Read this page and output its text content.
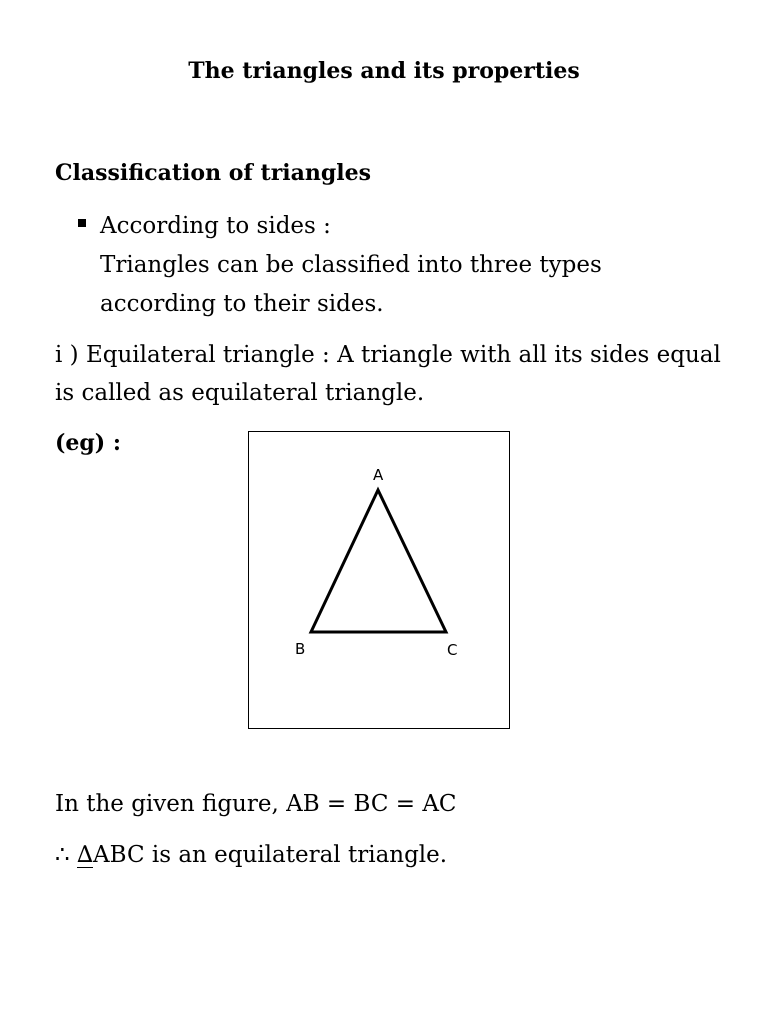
The triangles and its properties
Classification of triangles
According to sides :
Triangles can be classified into three types
according to their sides.
i ) Equilateral triangle : A triangle with all its sides equal
is called as equilateral triangle.
(eg) :
A
B	C
In the given figure, AB = BC = AC
∴ ∆ABC is an equilateral triangle.
